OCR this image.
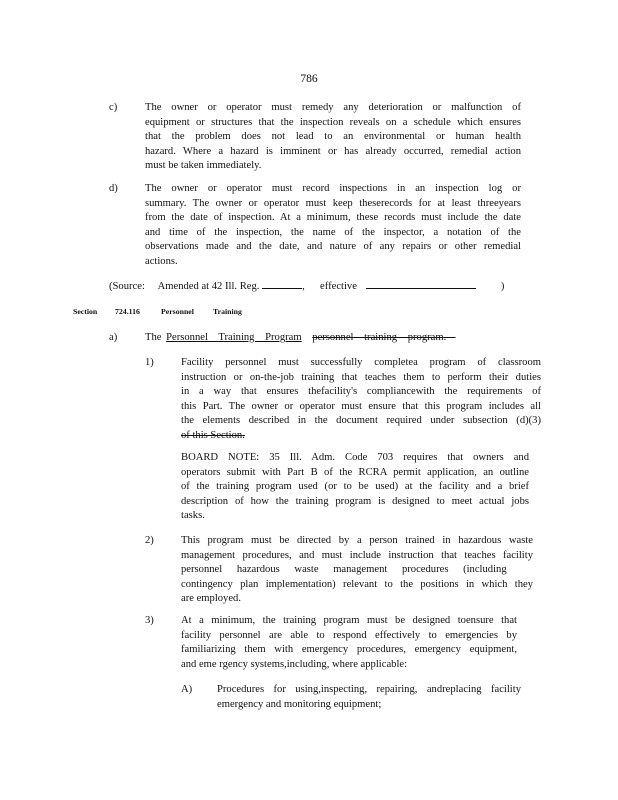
786
c)	The owner or operator must remedy any deterioration or malfunction of
equipment or structures that the inspection reveals on a schedule which ensures
that the problem does not lead to an environmental or human health
hazard. Where a hazard is imminent or has already occurred, remedial action
must be taken immediately.
d)	The owner or operator must record inspections in an inspection log or
summary. The owner or operator must keep theserecords for at least threeyears
from the date of inspection. At a minimum, these records must include the date
and time of the inspection, the name of the inspector, a notation of the
observations made and the date, and nature of any repairs or other remedial
actions.
(Source: Amended at 42 Ill. Reg.	, effective	)
Section 724.116	Personnel Training
a)	The Personnel Training Program personnel training program.
1)	Facility personnel must successfully completea program of classroom
instruction or on-the-job training that teaches them to perform their duties
in a way that ensures thefacility's compliancewith the requirements of
this Part. The owner or operator must ensure that this program includes all
the elements described in the document required under subsection (d)(3)
of this Section.
BOARD NOTE: 35 Ill. Adm. Code 703 requires that owners and
operators submit with Part B of the RCRA permit application, an outline
of the training program used (or to be used) at the facility and a brief
description of how the training program is designed to meet actual jobs
tasks.
2)	This program must be directed by a person trained in hazardous waste
management procedures, and must include instruction that teaches facility
personnel hazardous waste management procedures (including
contingency plan implementation) relevant to the positions in which they
are employed.
3)	At a minimum, the training program must be designed toensure that
facility personnel are able to respond effectively to emergencies by
familiarizing them with emergency procedures, emergency equipment,
and eme rgency systems,including, where applicable:
A) Procedures for using,inspecting, repairing, andreplacing facility
emergency and monitoring equipment;
